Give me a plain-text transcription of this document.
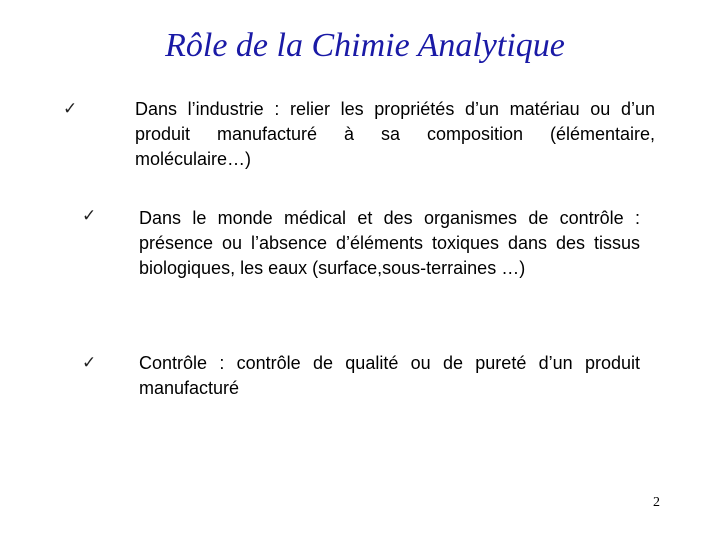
Rôle de la Chimie Analytique
✓	Dans l’industrie : relier les propriétés d’un matériau ou d’un produit manufacturé à sa composition (élémentaire, moléculaire…)

✓ Dans le monde médical et des organismes de contrôle : présence ou l’absence d’éléments toxiques dans des tissus biologiques, les eaux (surface,sous-terraines …)

✓ Contrôle : contrôle de qualité ou de pureté d’un produit manufacturé

2
